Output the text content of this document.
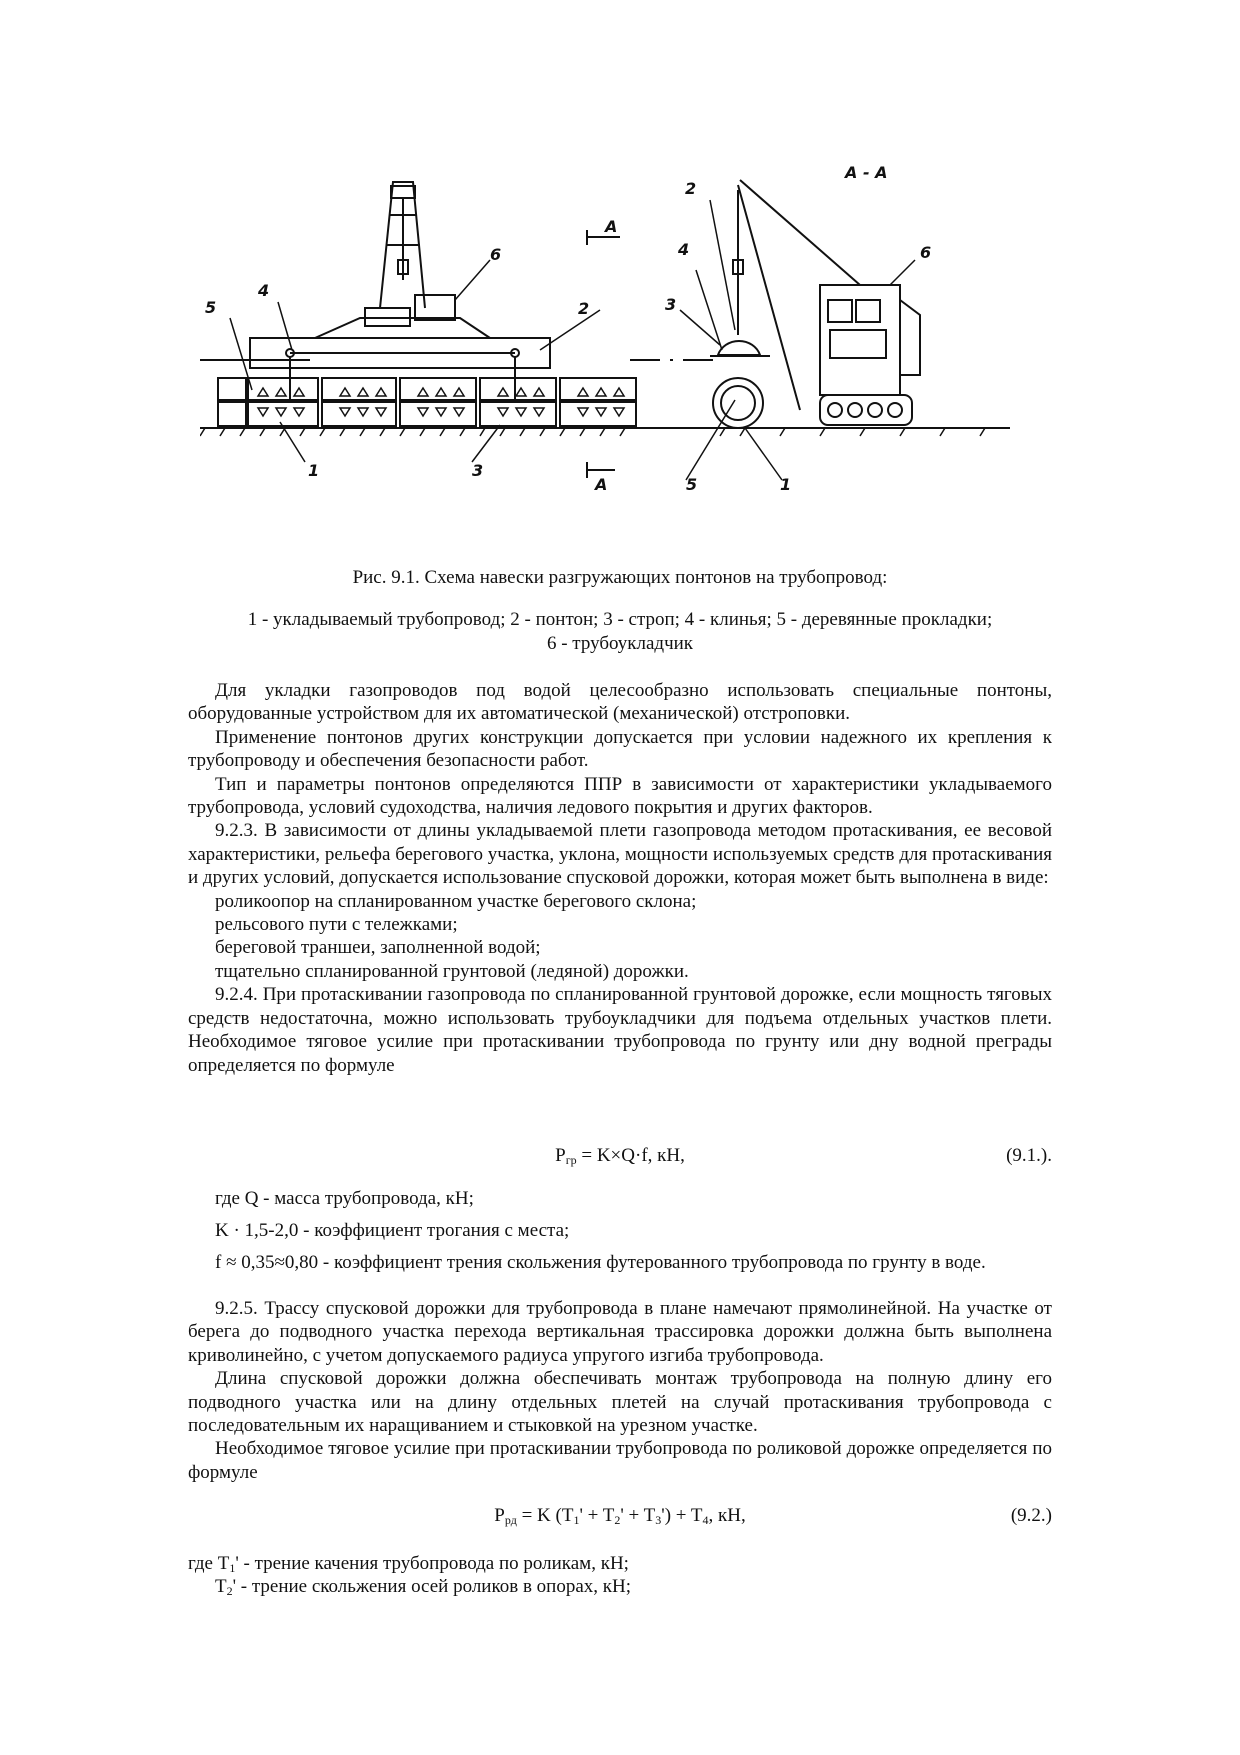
A - A
A
A
4
5
6
2
1	3
2
4
3
6
5	1
Рис. 9.1. Схема навески разгружающих понтонов на трубопровод:
1 - укладываемый трубопровод; 2 - понтон; 3 - строп; 4 - клинья; 5 - деревянные прокладки;
6 - трубоукладчик

Для укладки газопроводов под водой целесообразно использовать специальные понтоны, оборудованные устройством для их автоматической (механической) отстроповки.

Применение понтонов других конструкции допускается при условии надежного их крепления к трубопроводу и обеспечения безопасности работ.

Тип и параметры понтонов определяются ППР в зависимости от характеристики укладываемого трубопровода, условий судоходства, наличия ледового покрытия и других факторов.

9.2.3. В зависимости от длины укладываемой плети газопровода методом протаскивания, ее весовой характеристики, рельефа берегового участка, уклона, мощности используемых средств для протаскивания и других условий, допускается использование спусковой дорожки, которая может быть выполнена в виде:

роликоопор на спланированном участке берегового склона;

рельсового пути с тележками;

береговой траншеи, заполненной водой;

тщательно спланированной грунтовой (ледяной) дорожки.

9.2.4. При протаскивании газопровода по спланированной грунтовой дорожке, если мощность тяговых средств недостаточна, можно использовать трубоукладчики для подъема отдельных участков плети. Необходимое тяговое усилие при протаскивании трубопровода по грунту или дну водной преграды определяется по формуле

$P_{гр} = K\times Q\cdot f$, кН,	(9.1.).

где Q - масса трубопровода, кН;

K · 1,5-2,0 - коэффициент трогания с места;

f ≈ 0,35≈0,80 - коэффициент трения скольжения футерованного трубопровода по грунту в воде.

9.2.5. Трассу спусковой дорожки для трубопровода в плане намечают прямолинейной. На участке от берега до подводного участка перехода вертикальная трассировка дорожки должна быть выполнена криволинейно, с учетом допускаемого радиуса упругого изгиба трубопровода.

Длина спусковой дорожки должна обеспечивать монтаж трубопровода на полную длину его подводного участка или на длину отдельных плетей на случай протаскивания трубопровода с последовательным их наращиванием и стыковкой на урезном участке.

Необходимое тяговое усилие при протаскивании трубопровода по роликовой дорожке определяется по формуле

$P_{рд} = K$ $(T_1' + T_2' + T_3') + T_4$, кН,	(9.2.)

где $T_1'$ - трение качения трубопровода по роликам, кН;

$T_2'$ - трение скольжения осей роликов в опорах, кН;
